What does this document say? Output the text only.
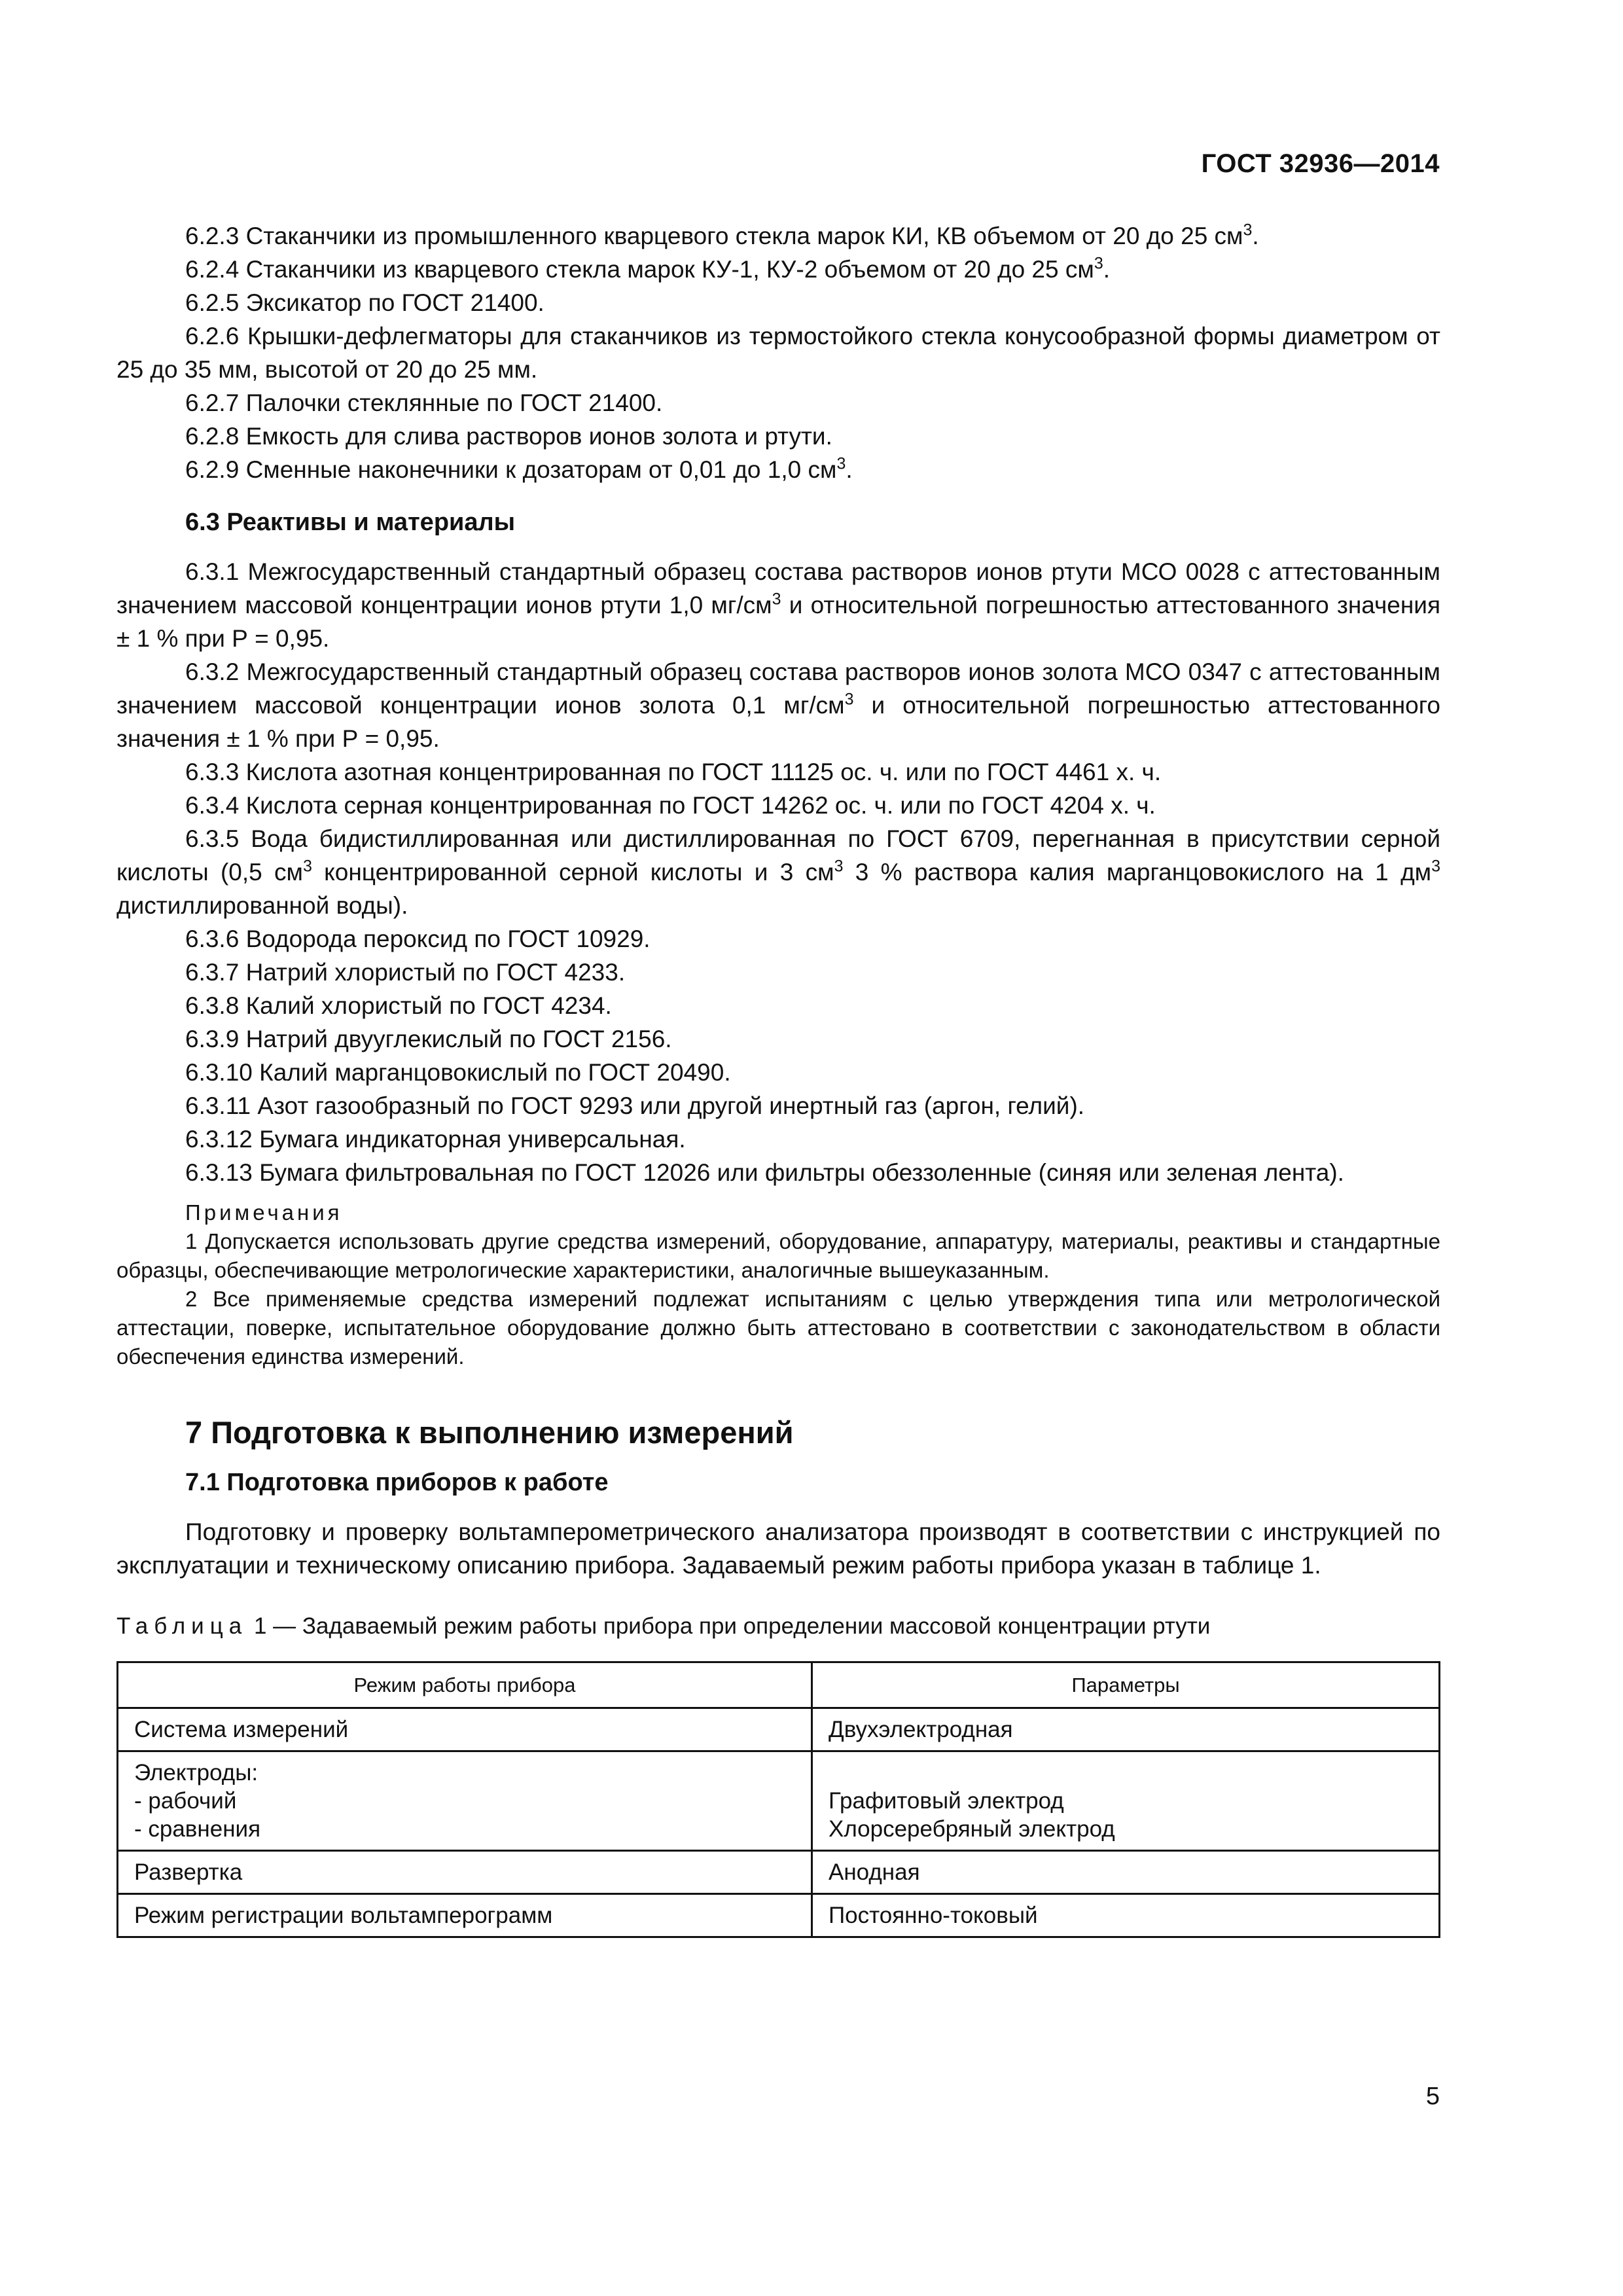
ГОСТ 32936—2014
6.2.3 Стаканчики из промышленного кварцевого стекла марок КИ, КВ объемом от 20 до 25 $см^3$.
6.2.4 Стаканчики из кварцевого стекла марок КУ-1, КУ-2 объемом от 20 до 25 $см^3$.
6.2.5 Эксикатор по ГОСТ 21400.
6.2.6 Крышки-дефлегматоры для стаканчиков из термостойкого стекла конусообразной формы диаметром от 25 до 35 мм, высотой от 20 до 25 мм.
6.2.7 Палочки стеклянные по ГОСТ 21400.
6.2.8 Емкость для слива растворов ионов золота и ртути.
6.2.9 Сменные наконечники к дозаторам от 0,01 до 1,0 $см^3$.
6.3 Реактивы и материалы
6.3.1 Межгосударственный стандартный образец состава растворов ионов ртути МСО 0028 с аттестованным значением массовой концентрации ионов ртути 1,0 $мг/см^3$ и относительной погрешностью аттестованного значения ± 1 % при Р = 0,95.
6.3.2 Межгосударственный стандартный образец состава растворов ионов золота МСО 0347 с аттестованным значением массовой концентрации ионов золота 0,1 $мг/см^3$ и относительной погрешностью аттестованного значения ± 1 % при Р = 0,95.
6.3.3 Кислота азотная концентрированная по ГОСТ 11125 ос. ч. или по ГОСТ 4461 х. ч.
6.3.4 Кислота серная концентрированная по ГОСТ 14262 ос. ч. или по ГОСТ 4204 х. ч.
6.3.5 Вода бидистиллированная или дистиллированная по ГОСТ 6709, перегнанная в присутствии серной кислоты (0,5 $см^3$ концентрированной серной кислоты и 3 $см^3$ 3 % раствора калия марганцовокислого на 1 $дм^3$ дистиллированной воды).
6.3.6 Водорода пероксид по ГОСТ 10929.
6.3.7 Натрий хлористый по ГОСТ 4233.
6.3.8 Калий хлористый по ГОСТ 4234.
6.3.9 Натрий двууглекислый по ГОСТ 2156.
6.3.10 Калий марганцовокислый по ГОСТ 20490.
6.3.11 Азот газообразный по ГОСТ 9293 или другой инертный газ (аргон, гелий).
6.3.12 Бумага индикаторная универсальная.
6.3.13 Бумага фильтровальная по ГОСТ 12026 или фильтры обеззоленные (синяя или зеленая лента).
Примечания
1 Допускается использовать другие средства измерений, оборудование, аппаратуру, материалы, реактивы и стандартные образцы, обеспечивающие метрологические характеристики, аналогичные вышеуказанным.
2 Все применяемые средства измерений подлежат испытаниям с целью утверждения типа или метрологической аттестации, поверке, испытательное оборудование должно быть аттестовано в соответствии с законодательством в области обеспечения единства измерений.
7 Подготовка к выполнению измерений
7.1 Подготовка приборов к работе
Подготовку и проверку вольтамперометрического анализатора производят в соответствии с инструкцией по эксплуатации и техническому описанию прибора. Задаваемый режим работы прибора указан в таблице 1.
Таблица 1 — Задаваемый режим работы прибора при определении массовой концентрации ртути
Режим работы прибора	Параметры

Система измерений	Двухэлектродная

Электроды:
- рабочий
- сравнения	Графитовый электрод
Хлорсеребряный электрод

Развертка	Анодная

Режим регистрации вольтамперограмм	Постоянно-токовый
5
